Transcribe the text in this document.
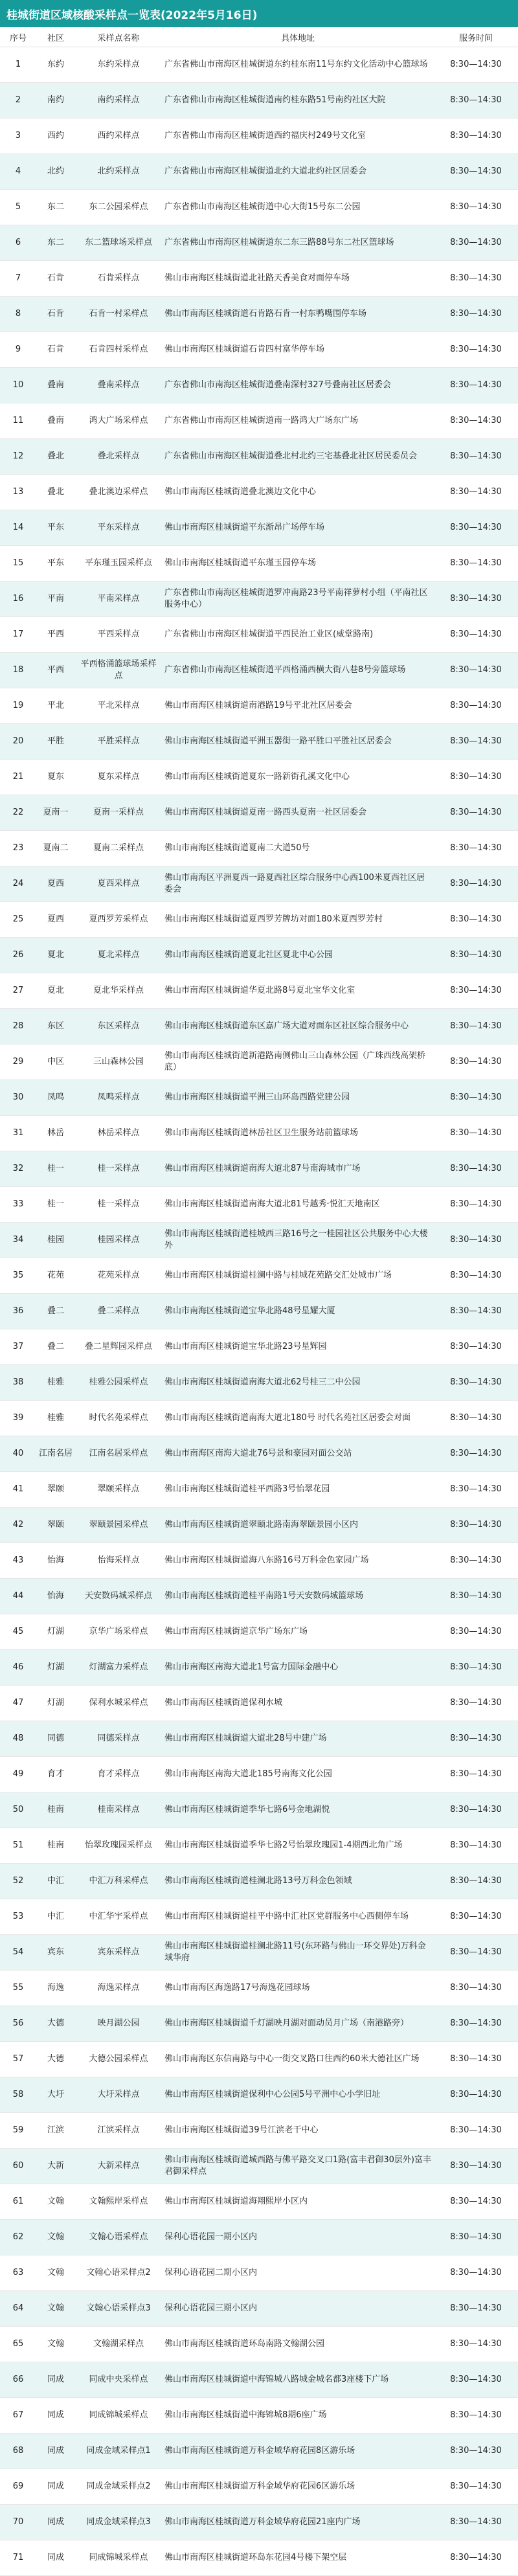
桂城街道区域核酸采样点一览表(2022年5月16日)
序号	社区	采样点名称	具体地址	服务时间
1	东约	东约采样点	广东省佛山市南海区桂城街道东约桂东南11号东约文化活动中心篮球场	8:30—14:30
2	南约	南约采样点	广东省佛山市南海区桂城街道南约桂东路51号南约社区大院	8:30—14:30
3	西约	西约采样点	广东省佛山市南海区桂城街道西约福庆村249号文化室	8:30—14:30
4	北约	北约采样点	广东省佛山市南海区桂城街道北约大道北约社区居委会	8:30—14:30
5	东二	东二公园采样点	广东省佛山市南海区桂城街道中心大街15号东二公园	8:30—14:30
6	东二	东二篮球场采样点	广东省佛山市南海区桂城街道东二东三路88号东二社区篮球场	8:30—14:30
7	石肯	石肯采样点	佛山市南海区桂城街道北社路天香美食对面停车场	8:30—14:30
8	石肯	石肯一村采样点	佛山市南海区桂城街道石肯路石肯一村东鸭嘴围停车场	8:30—14:30
9	石肯	石肯四村采样点	佛山市南海区桂城街道石肯四村富华停车场	8:30—14:30
10	叠南	叠南采样点	广东省佛山市南海区桂城街道叠南深村327号叠南社区居委会	8:30—14:30
11	叠南	鸿大广场采样点	广东省佛山市南海区桂城街道南一路鸿大广场东广场	8:30—14:30
12	叠北	叠北采样点	广东省佛山市南海区桂城街道叠北村北约三宅基叠北社区居民委员会	8:30—14:30
13	叠北	叠北澳边采样点	佛山市南海区桂城街道叠北澳边文化中心	8:30—14:30
14	平东	平东采样点	佛山市南海区桂城街道平东渐昂广场停车场	8:30—14:30
15	平东	平东瑾玉园采样点	佛山市南海区桂城街道平东瑾玉园停车场	8:30—14:30
16	平南	平南采样点	广东省佛山市南海区桂城街道罗冲南路23号平南祥萝村小组（平南社区服务中心）	8:30—14:30
17	平西	平西采样点	广东省佛山市南海区桂城街道平西民治工业区(威堂路南)	8:30—14:30
18	平西	平西格涌篮球场采样点	广东省佛山市南海区桂城街道平西格涌西横大街八巷8号旁篮球场	8:30—14:30
19	平北	平北采样点	佛山市南海区桂城街道南港路19号平北社区居委会	8:30—14:30
20	平胜	平胜采样点	佛山市南海区桂城街道平洲玉器街一路平胜口平胜社区居委会	8:30—14:30
21	夏东	夏东采样点	佛山市南海区桂城街道夏东一路新街孔溪文化中心	8:30—14:30
22	夏南一	夏南一采样点	佛山市南海区桂城街道夏南一路西头夏南一社区居委会	8:30—14:30
23	夏南二	夏南二采样点	佛山市南海区桂城街道夏南二大道50号	8:30—14:30
24	夏西	夏西采样点	佛山市南海区平洲夏西一路夏西社区综合服务中心西100米夏西社区居委会	8:30—14:30
25	夏西	夏西罗芳采样点	佛山市南海区桂城街道夏西罗芳牌坊对面180米夏西罗芳村	8:30—14:30
26	夏北	夏北采样点	佛山市南海区桂城街道夏北社区夏北中心公园	8:30—14:30
27	夏北	夏北华采样点	佛山市南海区桂城街道华夏北路8号夏北宝华文化室	8:30—14:30
28	东区	东区采样点	佛山市南海区桂城街道东区嘉广场大道对面东区社区综合服务中心	8:30—14:30
29	中区	三山森林公园	佛山市南海区桂城街道新港路南侧佛山三山森林公园（广珠西线高架桥底）	8:30—14:30
30	凤鸣	凤鸣采样点	佛山市南海区桂城街道平洲三山环岛西路党建公园	8:30—14:30
31	林岳	林岳采样点	佛山市南海区桂城街道林岳社区卫生服务站前篮球场	8:30—14:30
32	桂一	桂一采样点	佛山市南海区桂城街道南海大道北87号南海城市广场	8:30—14:30
33	桂一	桂一采样点	佛山市南海区桂城街道南海大道北81号越秀·悦汇天地南区	8:30—14:30
34	桂园	桂园采样点	佛山市南海区桂城街道桂城西三路16号之一桂园社区公共服务中心大楼外	8:30—14:30
35	花苑	花苑采样点	佛山市南海区桂城街道桂澜中路与桂城花苑路交汇处城市广场	8:30—14:30
36	叠二	叠二采样点	佛山市南海区桂城街道宝华北路48号星耀大厦	8:30—14:30
37	叠二	叠二星辉园采样点	佛山市南海区桂城街道宝华北路23号星辉园	8:30—14:30
38	桂雅	桂雅公园采样点	佛山市南海区桂城街道南海大道北62号桂三二中公园	8:30—14:30
39	桂雅	时代名苑采样点	佛山市南海区桂城街道南海大道北180号 时代名苑社区居委会对面	8:30—14:30
40	江南名居	江南名居采样点	佛山市南海区南海大道北76号景和豪园对面公交站	8:30—14:30
41	翠颐	翠颐采样点	佛山市南海区桂城街道桂平西路3号怡翠花园	8:30—14:30
42	翠颐	翠颐景园采样点	佛山市南海区桂城街道翠颐北路南海翠颐景园小区内	8:30—14:30
43	怡海	怡海采样点	佛山市南海区桂城街道海八东路16号万科金色家园广场	8:30—14:30
44	怡海	天安数码城采样点	佛山市南海区桂城街道桂平南路1号天安数码城篮球场	8:30—14:30
45	灯湖	京华广场采样点	佛山市南海区桂城街道京华广场东广场	8:30—14:30
46	灯湖	灯湖富力采样点	佛山市南海区南海大道北1号富力国际金融中心	8:30—14:30
47	灯湖	保利水城采样点	佛山市南海区桂城街道保利水城	8:30—14:30
48	同德	同德采样点	佛山市南海区桂城街道大道北28号中建广场	8:30—14:30
49	育才	育才采样点	佛山市南海区南海大道北185号南海文化公园	8:30—14:30
50	桂南	桂南采样点	佛山市南海区桂城街道季华七路6号金地湖悦	8:30—14:30
51	桂南	怡翠玫瑰园采样点	佛山市南海区桂城街道季华七路2号怡翠玫瑰园1-4期西北角广场	8:30—14:30
52	中汇	中汇万科采样点	佛山市南海区桂城街道桂澜北路13号万科金色领域	8:30—14:30
53	中汇	中汇华宇采样点	佛山市南海区桂城街道桂平中路中汇社区党群服务中心西侧停车场	8:30—14:30
54	宾东	宾东采样点	佛山市南海区桂城街道桂澜北路11号(东环路与佛山一环交界处)万科金域华府	8:30—14:30
55	海逸	海逸采样点	佛山市南海区海逸路17号海逸花园球场	8:30—14:30
56	大德	映月湖公园	佛山市南海区桂城街道千灯湖映月湖对面动员月广场（南港路旁）	8:30—14:30
57	大德	大德公园采样点	佛山市南海区东信南路与中心一街交叉路口往西约60米大德社区广场	8:30—14:30
58	大圩	大圩采样点	佛山市南海区桂城街道保利中心公园5号平洲中心小学旧址	8:30—14:30
59	江滨	江滨采样点	佛山市南海区桂城街道39号江滨老干中心	8:30—14:30
60	大新	大新采样点	佛山市南海区桂城街道城西路与佛平路交叉口1路(富丰君御30层外)富丰君御采样点	8:30—14:30
61	文翰	文翰熙岸采样点	佛山市南海区桂城街道海翔熙岸小区内	8:30—14:30
62	文翰	文翰心语采样点	保利心语花园一期小区内	8:30—14:30
63	文翰	文翰心语采样点2	保利心语花园二期小区内	8:30—14:30
64	文翰	文翰心语采样点3	保利心语花园三期小区内	8:30—14:30
65	文翰	文翰湖采样点	佛山市南海区桂城街道环岛南路文翰湖公园	8:30—14:30
66	同成	同成中央采样点	佛山市南海区桂城街道中海锦城八路城金城名都3座楼下广场	8:30—14:30
67	同成	同成锦城采样点	佛山市南海区桂城街道中海锦城8期6座广场	8:30—14:30
68	同成	同成金域采样点1	佛山市南海区桂城街道万科金域华府花园8区游乐场	8:30—14:30
69	同成	同成金域采样点2	佛山市南海区桂城街道万科金域华府花园6区游乐场	8:30—14:30
70	同成	同成金域采样点3	佛山市南海区桂城街道万科金域华府花园21座内广场	8:30—14:30
71	同成	同成锦城采样点	佛山市南海区桂城街道环岛东花园4号楼下架空层	8:30—14:30
